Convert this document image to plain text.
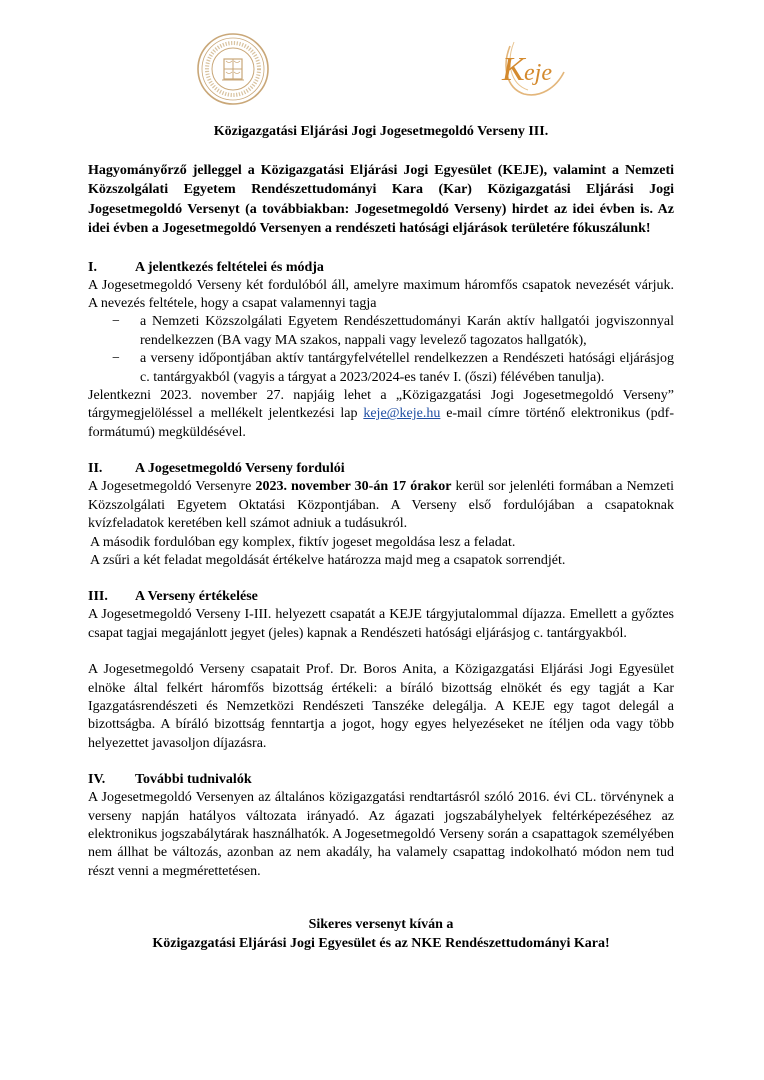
K eje
Közigazgatási Eljárási Jogi Jogesetmegoldó Verseny III.

Hagyományőrző jelleggel a Közigazgatási Eljárási Jogi Egyesület (KEJE), valamint a Nemzeti Közszolgálati Egyetem Rendészettudományi Kara (Kar) Közigazgatási Eljárási Jogi Jogesetmegoldó Versenyt (a továbbiakban: Jogesetmegoldó Verseny) hirdet az idei évben is. Az idei évben a Jogesetmegoldó Versenyen a rendészeti hatósági eljárások területére fókuszálunk!

I.	A jelentkezés feltételei és módja

A Jogesetmegoldó Verseny két fordulóból áll, amelyre maximum háromfős csapatok nevezését várjuk. A nevezés feltétele, hogy a csapat valamennyi tagja

− a Nemzeti Közszolgálati Egyetem Rendészettudományi Karán aktív hallgatói jogviszonnyal rendelkezzen (BA vagy MA szakos, nappali vagy levelező tagozatos hallgatók),
− a verseny időpontjában aktív tantárgyfelvétellel rendelkezzen a Rendészeti hatósági eljárásjog c. tantárgyakból (vagyis a tárgyat a 2023/2024-es tanév I. (őszi) félévében tanulja).

Jelentkezni 2023. november 27. napjáig lehet a „Közigazgatási Jogi Jogesetmegoldó Verseny” tárgymegjelöléssel a mellékelt jelentkezési lap keje@keje.hu e-mail címre történő elektronikus (pdf-formátumú) megküldésével.

II.	A Jogesetmegoldó Verseny fordulói

A Jogesetmegoldó Versenyre 2023. november 30-án 17 órakor kerül sor jelenléti formában a Nemzeti Közszolgálati Egyetem Oktatási Központjában. A Verseny első fordulójában a csapatoknak kvízfeladatok keretében kell számot adniuk a tudásukról.

A második fordulóban egy komplex, fiktív jogeset megoldása lesz a feladat.

A zsűri a két feladat megoldását értékelve határozza majd meg a csapatok sorrendjét.

III.	A Verseny értékelése

A Jogesetmegoldó Verseny I-III. helyezett csapatát a KEJE tárgyjutalommal díjazza. Emellett a győztes csapat tagjai megajánlott jegyet (jeles) kapnak a Rendészeti hatósági eljárásjog c. tantárgyakból.

A Jogesetmegoldó Verseny csapatait Prof. Dr. Boros Anita, a Közigazgatási Eljárási Jogi Egyesület elnöke által felkért háromfős bizottság értékeli: a bíráló bizottság elnökét és egy tagját a Kar Igazgatásrendészeti és Nemzetközi Rendészeti Tanszéke delegálja. A KEJE egy tagot delegál a bizottságba. A bíráló bizottság fenntartja a jogot, hogy egyes helyezéseket ne ítéljen oda vagy több helyezettet javasoljon díjazásra.

IV.	További tudnivalók

A Jogesetmegoldó Versenyen az általános közigazgatási rendtartásról szóló 2016. évi CL. törvénynek a verseny napján hatályos változata irányadó. Az ágazati jogszabályhelyek feltérképezéséhez az elektronikus jogszabálytárak használhatók. A Jogesetmegoldó Verseny során a csapattagok személyében nem állhat be változás, azonban az nem akadály, ha valamely csapattag indokolható módon nem tud részt venni a megmérettetésen.

Sikeres versenyt kíván a
Közigazgatási Eljárási Jogi Egyesület és az NKE Rendészettudományi Kara!
